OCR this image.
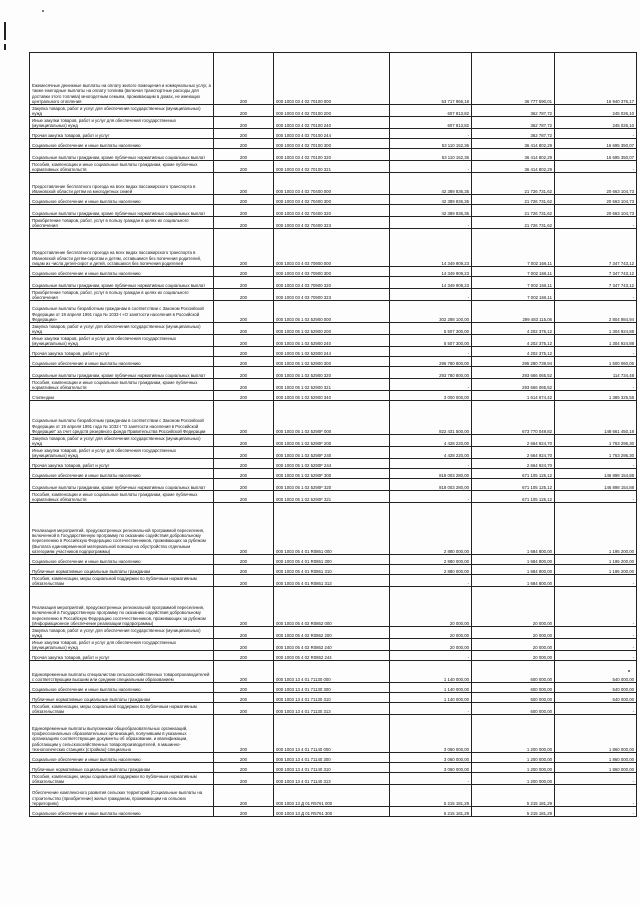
Ежемесячные денежные выплаты на оплату жилого помещения и коммунальных услуг, а также ежегодные выплаты на оплату топлива (включая транспортные расходы для доставки этого топлива) многодетным семьям, проживающим в домах, не имеющих центрального отопления	200	000 1003 03 4 02 70100 000	53 717 966,18	36 777 590,01	16 940 376,17
Закупка товаров, работ и услуг для обеспечения государственных (муниципальных) нужд	200	000 1003 03 4 02 70100 200	607 813,82	362 787,72	245 026,10
Иные закупки товаров, работ и услуг для обеспечения государственных (муниципальных) нужд	200	000 1003 03 4 02 70100 240	607 813,82	362 787,72	245 026,10
Прочая закупка товаров, работ и услуг	200	000 1003 03 4 02 70100 244	-	362 787,72	-
Социальное обеспечение и иные выплаты населению	200	000 1003 03 4 02 70100 300	53 110 152,36	36 414 802,29	16 695 350,07
Социальные выплаты гражданам, кроме публичных нормативных социальных выплат	200	000 1003 03 4 02 70100 320	53 110 152,36	36 414 802,29	16 695 350,07
Пособия, компенсации и иные социальные выплаты гражданам, кроме публичных нормативных обязательств	200	000 1003 03 4 02 70100 321	-	36 414 802,29	-
Предоставление бесплатного проезда на всех видах пассажирского транспорта в Ивановской области детям из многодетных семей	200	000 1003 03 4 02 70400 000	42 389 836,35	21 726 731,62	20 663 104,73
Социальное обеспечение и иные выплаты населению	200	000 1003 03 4 02 70400 300	42 389 836,35	21 726 731,62	20 663 104,73
Социальные выплаты гражданам, кроме публичных нормативных социальных выплат	200	000 1003 03 4 02 70400 320	42 389 836,35	21 726 731,62	20 663 104,73
Приобретение товаров, работ, услуг в пользу граждан в целях их социального обеспечения	200	000 1003 03 4 02 70400 323	-	21 726 731,62	-
Предоставление бесплатного проезда на всех видах пассажирского транспорта в Ивановской области детям-сиротам и детям, оставшимся без попечения родителей, лицам из числа детей-сирот и детей, оставшихся без попечения родителей	200	000 1003 03 4 03 70900 000	14 349 909,23	7 002 166,11	7 347 743,12
Социальное обеспечение и иные выплаты населению	200	000 1003 03 4 03 70900 300	14 349 909,23	7 002 166,11	7 347 743,12
Социальные выплаты гражданам, кроме публичных нормативных социальных выплат	200	000 1003 03 4 03 70900 320	14 349 909,23	7 002 166,11	7 347 743,12
Приобретение товаров, работ, услуг в пользу граждан в целях их социального обеспечения	200	000 1003 03 4 03 70900 323	-	7 002 166,11	-
Социальные выплаты безработным гражданам в соответствии с Законом Российской Федерации от 19 апреля 1991 года № 1032-I «О занятости населения в Российской Федерации»	200	000 1003 05 1 02 52900 000	302 288 100,00	299 483 115,06	2 804 984,94
Закупка товаров, работ и услуг для обеспечения государственных (муниципальных) нужд	200	000 1003 05 1 02 52900 200	5 507 300,00	4 202 375,12	1 304 924,88
Иные закупки товаров, работ и услуг для обеспечения государственных (муниципальных) нужд	200	000 1003 05 1 02 52900 240	5 507 300,00	4 202 375,12	1 304 924,88
Прочая закупка товаров, работ и услуг	200	000 1003 05 1 02 52900 244	-	4 202 375,12	-
Социальное обеспечение и иные выплаты населению	200	000 1003 05 1 02 52900 300	296 780 800,00	295 280 739,94	1 500 060,06
Социальные выплаты гражданам, кроме публичных нормативных социальных выплат	200	000 1003 05 1 02 52900 320	293 780 800,00	293 666 065,52	114 734,48
Пособия, компенсации и иные социальные выплаты гражданам, кроме публичных нормативных обязательств	200	000 1003 05 1 02 52900 321	-	293 666 065,52	-
Стипендии	200	000 1003 05 1 02 52900 340	3 000 000,00	1 614 674,42	1 385 325,58
Социальные выплаты безработным гражданам в соответствии с Законом Российской Федерации от 19 апреля 1991 года № 1032-I "О занятости населения в Российской Федерации" за счет средств резервного фонда Правительства Российской Федерации	200	000 1003 05 1 02 5290F 000	822 431 500,00	673 770 049,82	148 661 450,18
Закупка товаров, работ и услуг для обеспечения государственных (муниципальных) нужд	200	000 1003 05 1 02 5290F 200	4 428 220,00	2 664 924,70	1 763 295,30
Иные закупки товаров, работ и услуг для обеспечения государственных (муниципальных) нужд	200	000 1003 05 1 02 5290F 240	4 428 220,00	2 664 924,70	1 763 295,30
Прочая закупка товаров, работ и услуг	200	000 1003 05 1 02 5290F 244	-	2 664 924,70	-
Социальное обеспечение и иные выплаты населению	200	000 1003 05 1 02 5290F 300	818 003 280,00	671 105 125,12	146 898 154,88
Социальные выплаты гражданам, кроме публичных нормативных социальных выплат	200	000 1003 05 1 02 5290F 320	818 003 280,00	671 105 125,12	146 898 154,88
Пособия, компенсации и иные социальные выплаты гражданам, кроме публичных нормативных обязательств	200	000 1003 05 1 02 5290F 321	-	671 105 125,12	-
Реализация мероприятий, предусмотренных региональной программой переселения, включенной в Государственную программу по оказанию содействия добровольному переселению в Российскую Федерацию соотечественников, проживающих за рубежом (Выплата единовременной материальной помощи на обустройство отдельным категориям участников подпрограммы)	200	000 1003 05 4 01 R0861 000	2 880 000,00	1 684 800,00	1 195 200,00
Социальное обеспечение и иные выплаты населению	200	000 1003 05 4 01 R0861 300	2 880 000,00	1 684 800,00	1 195 200,00
Публичные нормативные социальные выплаты гражданам	200	000 1003 05 4 01 R0861 310	2 880 000,00	1 684 800,00	1 195 200,00
Пособия, компенсации, меры социальной поддержки по публичным нормативным обязательствам	200	000 1003 05 4 01 R0861 313	-	1 684 800,00	-
Реализация мероприятий, предусмотренных региональной программой переселения, включенной в Государственную программу по оказанию содействия добровольному переселению в Российскую Федерацию соотечественников, проживающих за рубежом (Информационное обеспечение реализации подпрограммы)	200	000 1003 05 4 02 R0862 000	20 000,00	20 000,00	-
Закупка товаров, работ и услуг для обеспечения государственных (муниципальных) нужд	200	000 1003 05 4 02 R0862 200	20 000,00	20 000,00	-
Иные закупки товаров, работ и услуг для обеспечения государственных (муниципальных) нужд	200	000 1003 05 4 02 R0862 240	20 000,00	20 000,00	-
Прочая закупка товаров, работ и услуг	200	000 1003 05 4 02 R0862 244	-	20 000,00	-
Единовременные выплаты специалистам сельскохозяйственных товаропроизводителей с соответствующим высшим или средним специальным образованием	200	000 1003 13 4 01 71130 000	1 140 000,00	600 000,00	540 000,00
Социальное обеспечение и иные выплаты населению	200	000 1003 13 4 01 71130 300	1 140 000,00	600 000,00	540 000,00
Публичные нормативные социальные выплаты гражданам	200	000 1003 13 4 01 71130 310	1 140 000,00	600 000,00	540 000,00
Пособия, компенсации, меры социальной поддержки по публичным нормативным обязательствам	200	000 1003 13 4 01 71130 313	-	600 000,00	-
Единовременные выплаты выпускникам общеобразовательных организаций, профессиональных образовательных организаций, получившим в указанных организациях соответствующие документы об образовании, и квалификации, работающим у сельскохозяйственных товаропроизводителей, в машинно-технологических станциях (стройках) специально	200	000 1003 13 4 01 71140 000	3 060 000,00	1 200 000,00	1 860 000,00
Социальное обеспечение и иные выплаты населению	200	000 1003 13 4 01 71140 300	3 060 000,00	1 200 000,00	1 860 000,00
Публичные нормативные социальные выплаты гражданам	200	000 1003 13 4 01 71140 310	3 060 000,00	1 200 000,00	1 860 000,00
Пособия, компенсации, меры социальной поддержки по публичным нормативным обязательствам	200	000 1003 13 4 01 71140 313	-	1 200 000,00	-
Обеспечение комплексного развития сельских территорий (Социальные выплаты на строительство (приобретение) жилья гражданам, проживающим на сельских территориях)	200	000 1003 13 Д 01 R5761 000	5 215 181,29	5 215 181,29	-
Социальное обеспечение и иные выплаты населению	200	000 1003 13 Д 01 R5761 300	5 215 181,29	5 215 181,29	-
